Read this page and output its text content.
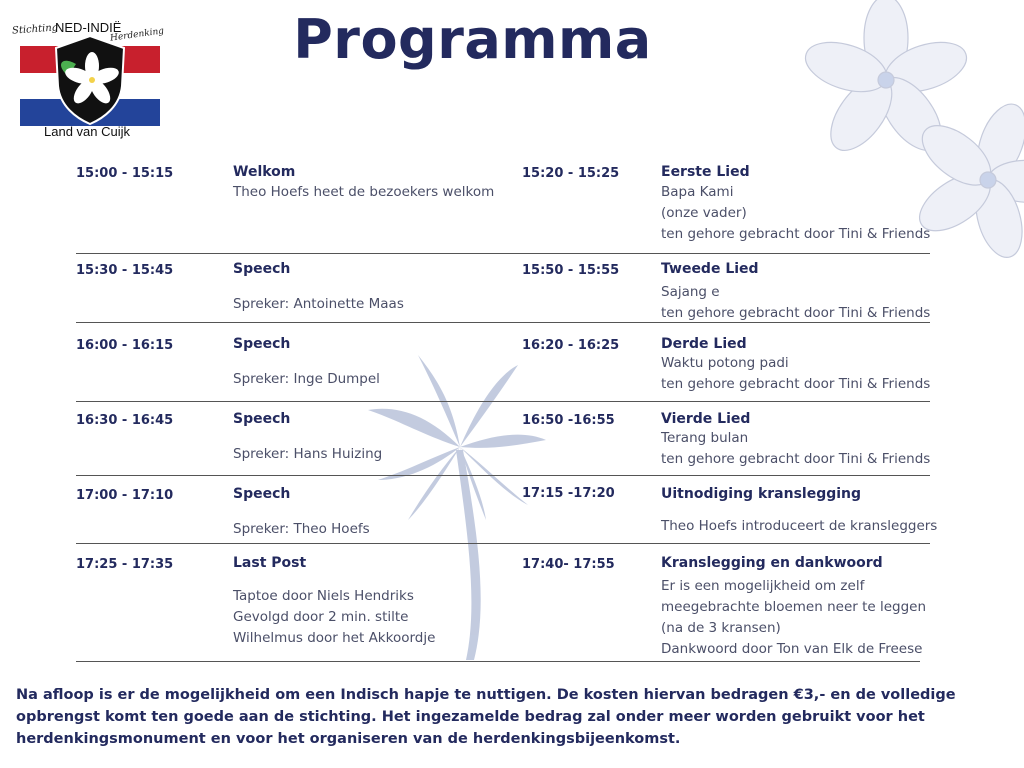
Stichting
NED-INDIË
Herdenking
Land van Cuijk
Programma
15:00 - 15:15	Welkom
Theo Hoefs heet de bezoekers welkom
15:20 - 15:25	Eerste Lied
Bapa Kami
(onze vader)
ten gehore gebracht door Tini & Friends
15:30 - 15:45	Speech
Spreker: Antoinette Maas
15:50 - 15:55	Tweede Lied
Sajang e
ten gehore gebracht door Tini & Friends
16:00 - 16:15	Speech
Spreker: Inge Dumpel
16:20 - 16:25	Derde Lied
Waktu potong padi
ten gehore gebracht door Tini & Friends
16:30 - 16:45	Speech
Spreker: Hans Huizing
16:50 -16:55	Vierde Lied
Terang bulan
ten gehore gebracht door Tini & Friends
17:00 - 17:10	Speech
Spreker: Theo Hoefs
17:15 -17:20	Uitnodiging kranslegging
Theo Hoefs introduceert de kransleggers
17:25 - 17:35	Last Post
Taptoe door Niels Hendriks
Gevolgd door 2 min. stilte
Wilhelmus door het Akkoordje
17:40- 17:55	Kranslegging en dankwoord
Er is een mogelijkheid om zelf
meegebrachte bloemen neer te leggen
(na de 3 kransen)
Dankwoord door Ton van Elk de Freese
Na afloop is er de mogelijkheid om een Indisch hapje te nuttigen. De kosten hiervan bedragen €3,- en de volledige opbrengst komt ten goede aan de stichting. Het ingezamelde bedrag zal onder meer worden gebruikt voor het herdenkingsmonument en voor het organiseren van de herdenkingsbijeenkomst.
